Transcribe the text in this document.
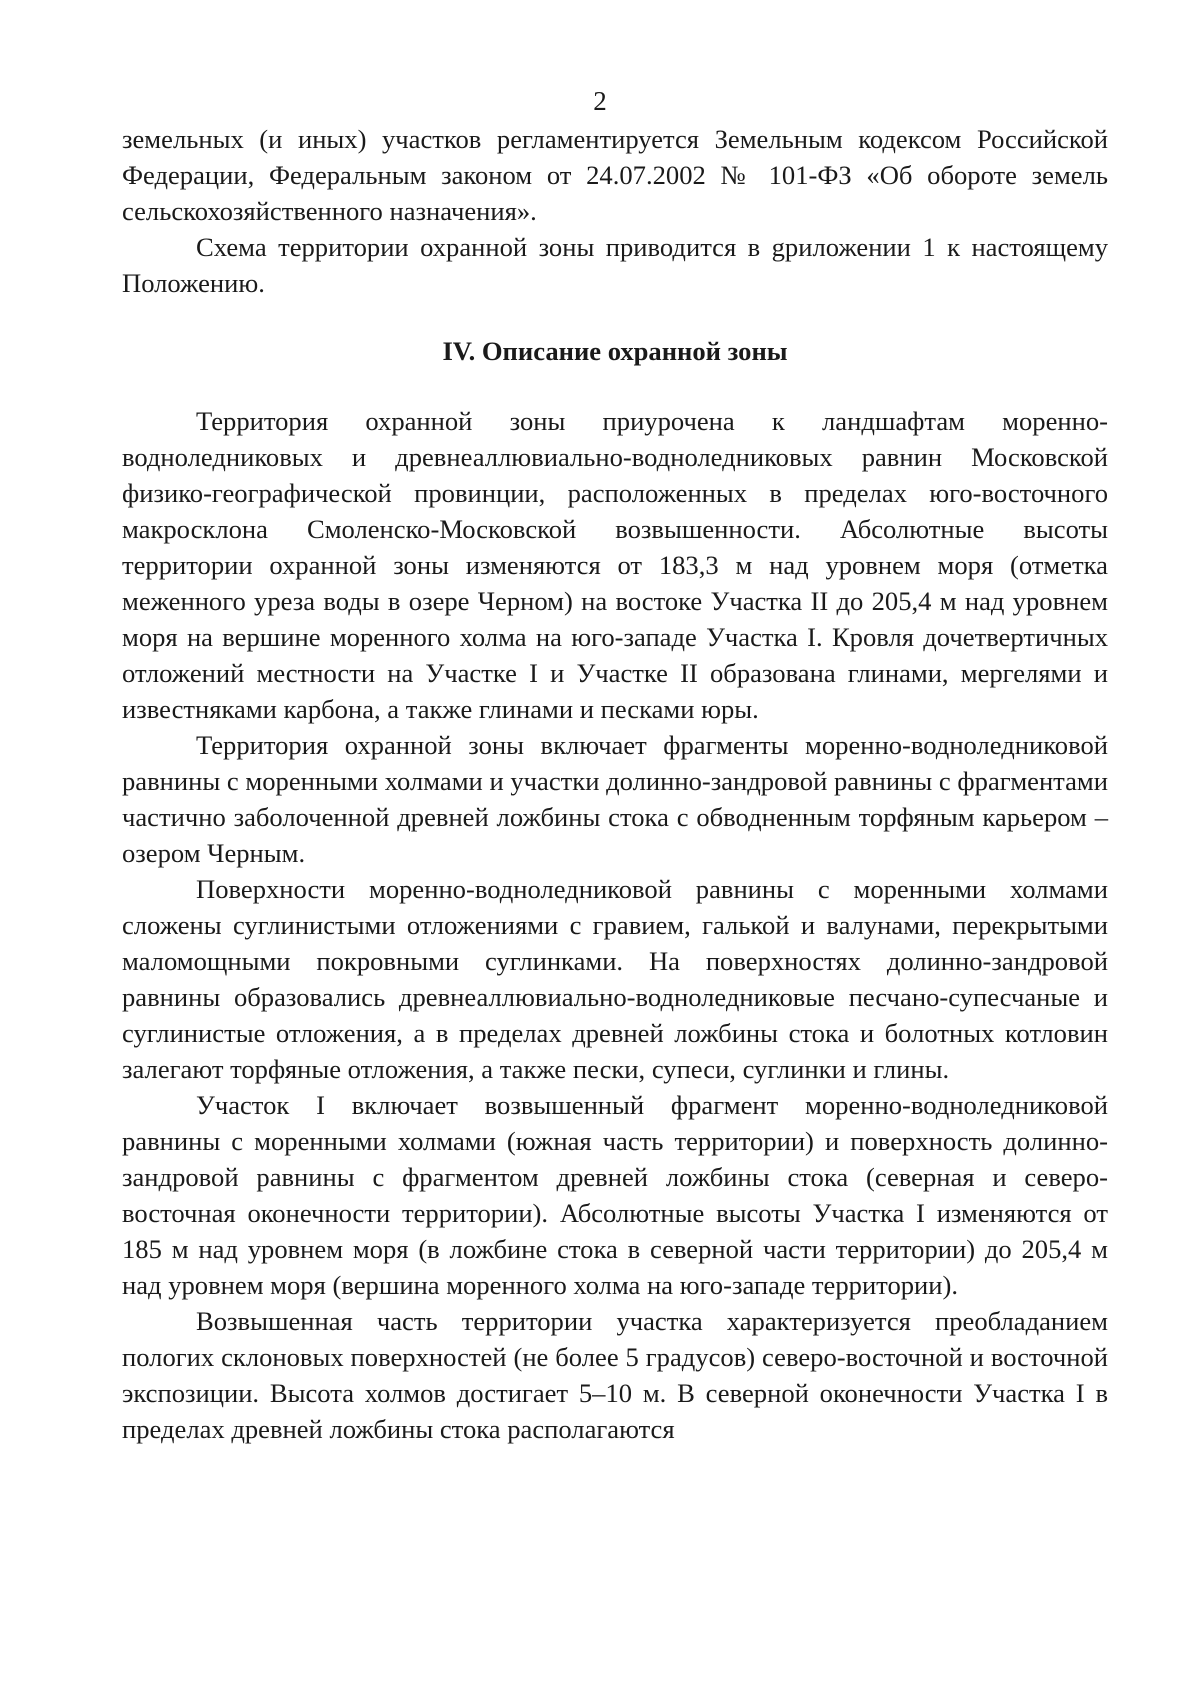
2

земельных (и иных) участков регламентируется Земельным кодексом Российской Федерации, Федеральным законом от 24.07.2002 № 101-ФЗ «Об обороте земель сельскохозяйственного назначения».

Схема территории охранной зоны приводится в gриложении 1 к настоящему Положению.

IV. Описание охранной зоны

Территория охранной зоны приурочена к ландшафтам моренно-водноледниковых и древнеаллювиально-водноледниковых равнин Московской физико-географической провинции, расположенных в пределах юго-восточного макросклона Смоленско-Московской возвышенности. Абсолютные высоты территории охранной зоны изменяются от 183,3 м над уровнем моря (отметка меженного уреза воды в озере Черном) на востоке Участка II до 205,4 м над уровнем моря на вершине моренного холма на юго-западе Участка I. Кровля дочетвертичных отложений местности на Участке I и Участке II образована глинами, мергелями и известняками карбона, а также глинами и песками юры.

Территория охранной зоны включает фрагменты моренно-водноледниковой равнины с моренными холмами и участки долинно-зандровой равнины с фрагментами частично заболоченной древней ложбины стока с обводненным торфяным карьером – озером Черным.

Поверхности моренно-водноледниковой равнины с моренными холмами сложены суглинистыми отложениями с гравием, галькой и валунами, перекрытыми маломощными покровными суглинками. На поверхностях долинно-зандровой равнины образовались древнеаллювиально-водноледниковые песчано-супесчаные и суглинистые отложения, а в пределах древней ложбины стока и болотных котловин залегают торфяные отложения, а также пески, супеси, суглинки и глины.

Участок I включает возвышенный фрагмент моренно-водноледниковой равнины с моренными холмами (южная часть территории) и поверхность долинно-зандровой равнины с фрагментом древней ложбины стока (северная и северо-восточная оконечности территории). Абсолютные высоты Участка I изменяются от 185 м над уровнем моря (в ложбине стока в северной части территории) до 205,4 м над уровнем моря (вершина моренного холма на юго-западе территории).

Возвышенная часть территории участка характеризуется преобладанием пологих склоновых поверхностей (не более 5 градусов) северо-восточной и восточной экспозиции. Высота холмов достигает 5–10 м. В северной оконечности Участка I в пределах древней ложбины стока располагаются
